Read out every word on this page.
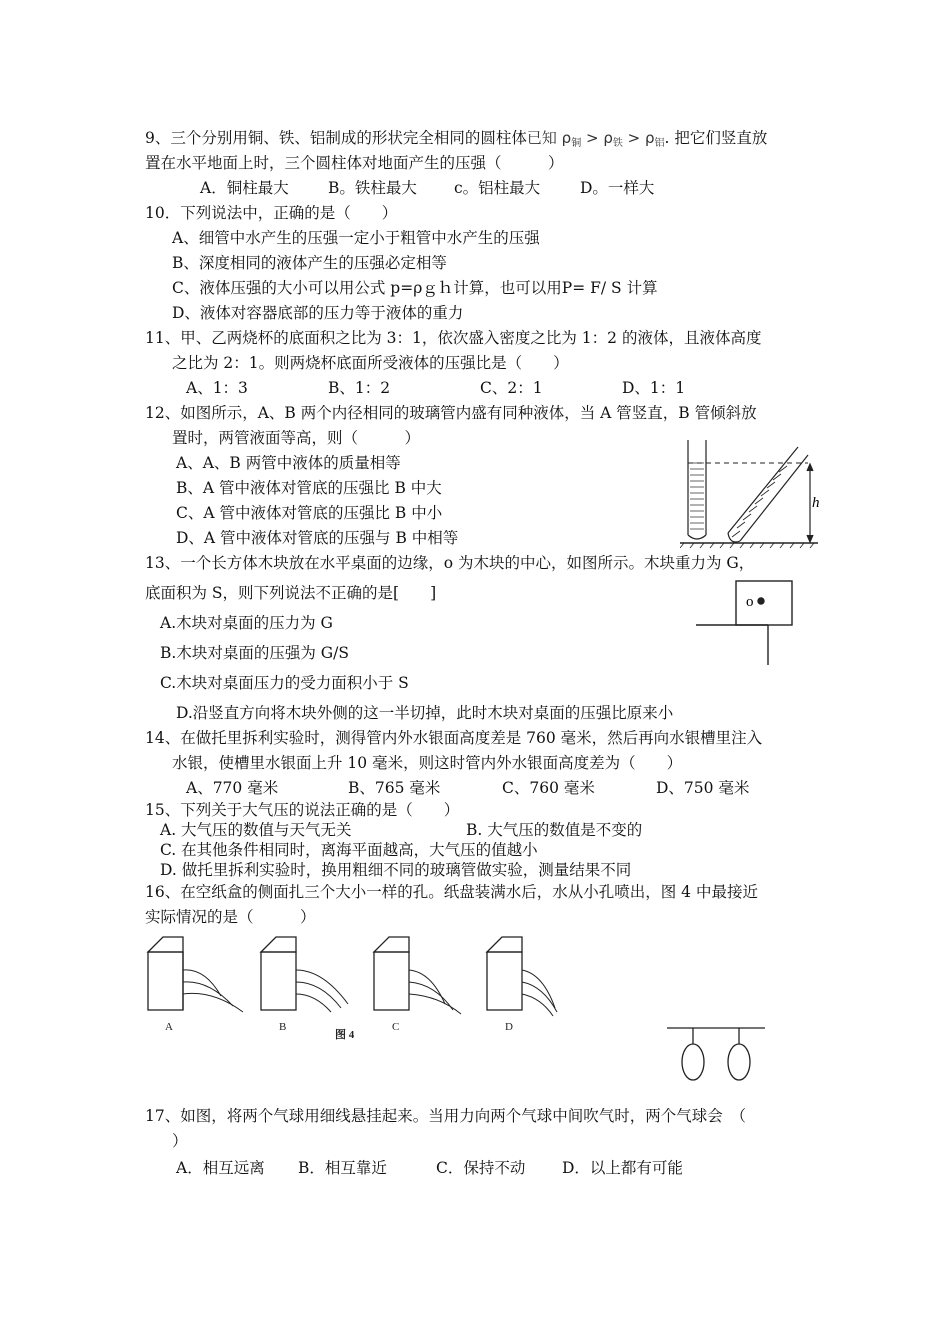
9、三个分别用铜、铁、铝制成的形状完全相同的圆柱体已知 $\rho_铜 > \rho_铁 > \rho_铝$. 把它们竖直放
置在水平地面上时，三个圆柱体对地面产生的压强（　　　）
A．铜柱最大	B。铁柱最大 c。铝柱最大	D。一样大
10．下列说法中，正确的是（　　）
A、细管中水产生的压强一定小于粗管中水产生的压强
B、深度相同的液体产生的压强必定相等
C、液体压强的大小可以用公式 p=ρｇｈ计算，也可以用P= F/ S 计算
D、液体对容器底部的压力等于液体的重力
11、甲、乙两烧杯的底面积之比为 3：1，依次盛入密度之比为 1：2 的液体，且液体高度
之比为 2：1。则两烧杯底面所受液体的压强比是（　　）
A、1：3	B、1：2	C、2：1	D、1：1
12、如图所示，A、B 两个内径相同的玻璃管内盛有同种液体，当 A 管竖直，B 管倾斜放
置时，两管液面等高，则（　　　）
A、A、B 两管中液体的质量相等
B、A 管中液体对管底的压强比 B 中大
C、A 管中液体对管底的压强比 B 中小
D、A 管中液体对管底的压强与 B 中相等
h
13、一个长方体木块放在水平桌面的边缘，o 为木块的中心，如图所示。木块重力为 G，
底面积为 S，则下列说法不正确的是[　　]
A.木块对桌面的压力为 G
B.木块对桌面的压强为 G/S
C.木块对桌面压力的受力面积小于 S
D.沿竖直方向将木块外侧的这一半切掉，此时木块对桌面的压强比原来小
o
14、在做托里拆利实验时，测得管内外水银面高度差是 760 毫米，然后再向水银槽里注入
水银，使槽里水银面上升 10 毫米，则这时管内外水银面高度差为（　　）
A、770 毫米	B、765 毫米	C、760 毫米	D、750 毫米
15、下列关于大气压的说法正确的是（　　）
A. 大气压的数值与天气无关	B. 大气压的数值是不变的
C. 在其他条件相同时，离海平面越高，大气压的值越小
D. 做托里拆利实验时，换用粗细不同的玻璃管做实验，测量结果不同
16、在空纸盒的侧面扎三个大小一样的孔。纸盘装满水后，水从小孔喷出，图 4 中最接近
实际情况的是（　　　）
A	B	C	D
图 4
17、如图，将两个气球用细线悬挂起来。当用力向两个气球中间吹气时，两个气球会　（
）
A．相互远离 B．相互靠近	C．保持不动 D．以上都有可能
